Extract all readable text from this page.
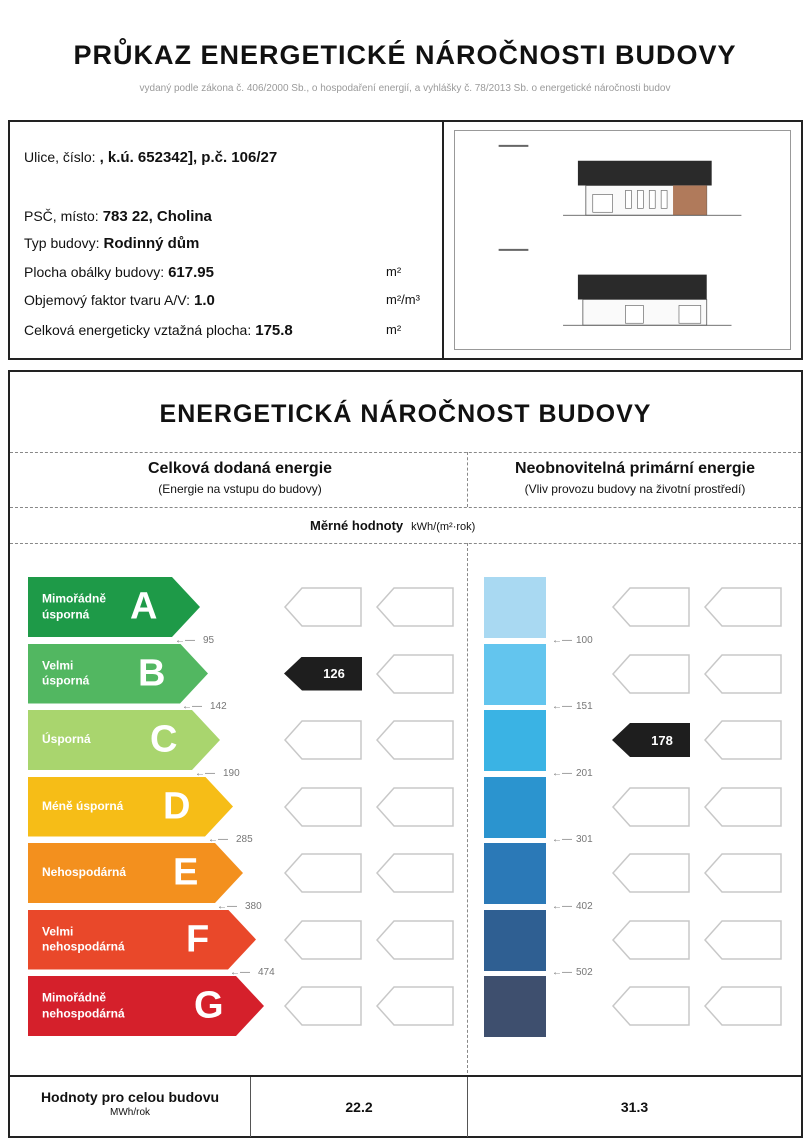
PRŮKAZ ENERGETICKÉ NÁROČNOSTI BUDOVY
vydaný podle zákona č. 406/2000 Sb., o hospodaření energií, a vyhlášky č. 78/2013 Sb. o energetické náročnosti budov
Ulice, číslo: , k.ú. 652342], p.č. 106/27
PSČ, místo: 783 22, Cholina
Typ budovy: Rodinný dům
Plocha obálky budovy: 617.95	m²
Objemový faktor tvaru A/V: 1.0	m²/m³
Celková energeticky vztažná plocha: 175.8	m²
ENERGETICKÁ NÁROČNOST BUDOVY
Celková dodaná energie
(Energie na vstupu do budovy)
Neobnovitelná primární energie
(Vliv provozu budovy na životní prostředí)
Měrné hodnoty kWh/(m²·rok)
Mimořádně
úsporná	A
Velmi
úsporná B	126
Úsporná C	178
Méně úsporná D
Nehospodárná E
Velmi
nehospodárná F
Mimořádně
nehospodárná G
←— 95
←— 142
←— 190
←— 285
←— 380
←— 474
←— 100
←— 151
←— 201
←— 301
←— 402
←— 502
Hodnoty pro celou budovu
MWh/rok	22.2	31.3
